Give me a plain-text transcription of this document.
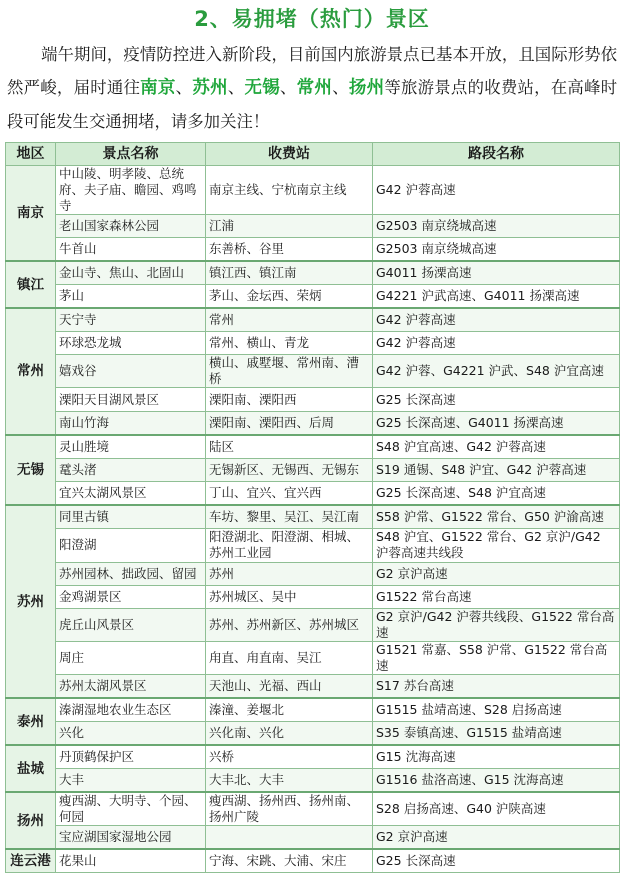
2、易拥堵（热门）景区

端午期间，疫情防控进入新阶段，目前国内旅游景点已基本开放，且国际形势依然严峻，届时通往南京、苏州、无锡、常州、扬州等旅游景点的收费站，在高峰时段可能发生交通拥堵，请多加关注！

地区	景点名称	收费站	路段名称
南京	中山陵、明孝陵、总统府、夫子庙、瞻园、鸡鸣寺	南京主线、宁杭南京主线	G42 沪蓉高速
	老山国家森林公园	江浦	G2503 南京绕城高速
	牛首山	东善桥、谷里	G2503 南京绕城高速
镇江	金山寺、焦山、北固山	镇江西、镇江南	G4011 扬溧高速
	茅山	茅山、金坛西、荣炳	G4221 沪武高速、G4011 扬溧高速
常州	天宁寺	常州	G42 沪蓉高速
	环球恐龙城	常州、横山、青龙	G42 沪蓉高速
	嬉戏谷	横山、戚墅堰、常州南、漕桥	G42 沪蓉、G4221 沪武、S48 沪宜高速
	溧阳天目湖风景区	溧阳南、溧阳西	G25 长深高速
	南山竹海	溧阳南、溧阳西、后周	G25 长深高速、G4011 扬溧高速
无锡	灵山胜境	陆区	S48 沪宜高速、G42 沪蓉高速
	鼋头渚	无锡新区、无锡西、无锡东	S19 通锡、S48 沪宜、G42 沪蓉高速
	宜兴太湖风景区	丁山、宜兴、宜兴西	G25 长深高速、S48 沪宜高速
苏州	同里古镇	车坊、黎里、吴江、吴江南	S58 沪常、G1522 常台、G50 沪渝高速
	阳澄湖	阳澄湖北、阳澄湖、相城、苏州工业园	S48 沪宜、G1522 常台、G2 京沪/G42 沪蓉高速共线段
	苏州园林、拙政园、留园	苏州	G2 京沪高速
	金鸡湖景区	苏州城区、吴中	G1522 常台高速
	虎丘山风景区	苏州、苏州新区、苏州城区	G2 京沪/G42 沪蓉共线段、G1522 常台高速
	周庄	甪直、甪直南、吴江	G1521 常嘉、S58 沪常、G1522 常台高速
	苏州太湖风景区	天池山、光福、西山	S17 苏台高速
泰州	溱湖湿地农业生态区	溱潼、姜堰北	G1515 盐靖高速、S28 启扬高速
	兴化	兴化南、兴化	S35 泰镇高速、G1515 盐靖高速
盐城	丹顶鹤保护区	兴桥	G15 沈海高速
	大丰	大丰北、大丰	G1516 盐洛高速、G15 沈海高速
扬州	瘦西湖、大明寺、个园、何园	瘦西湖、扬州西、扬州南、扬州广陵	S28 启扬高速、G40 沪陕高速
	宝应湖国家湿地公园		G2 京沪高速
连云港	花果山	宁海、宋跳、大浦、宋庄	G25 长深高速
